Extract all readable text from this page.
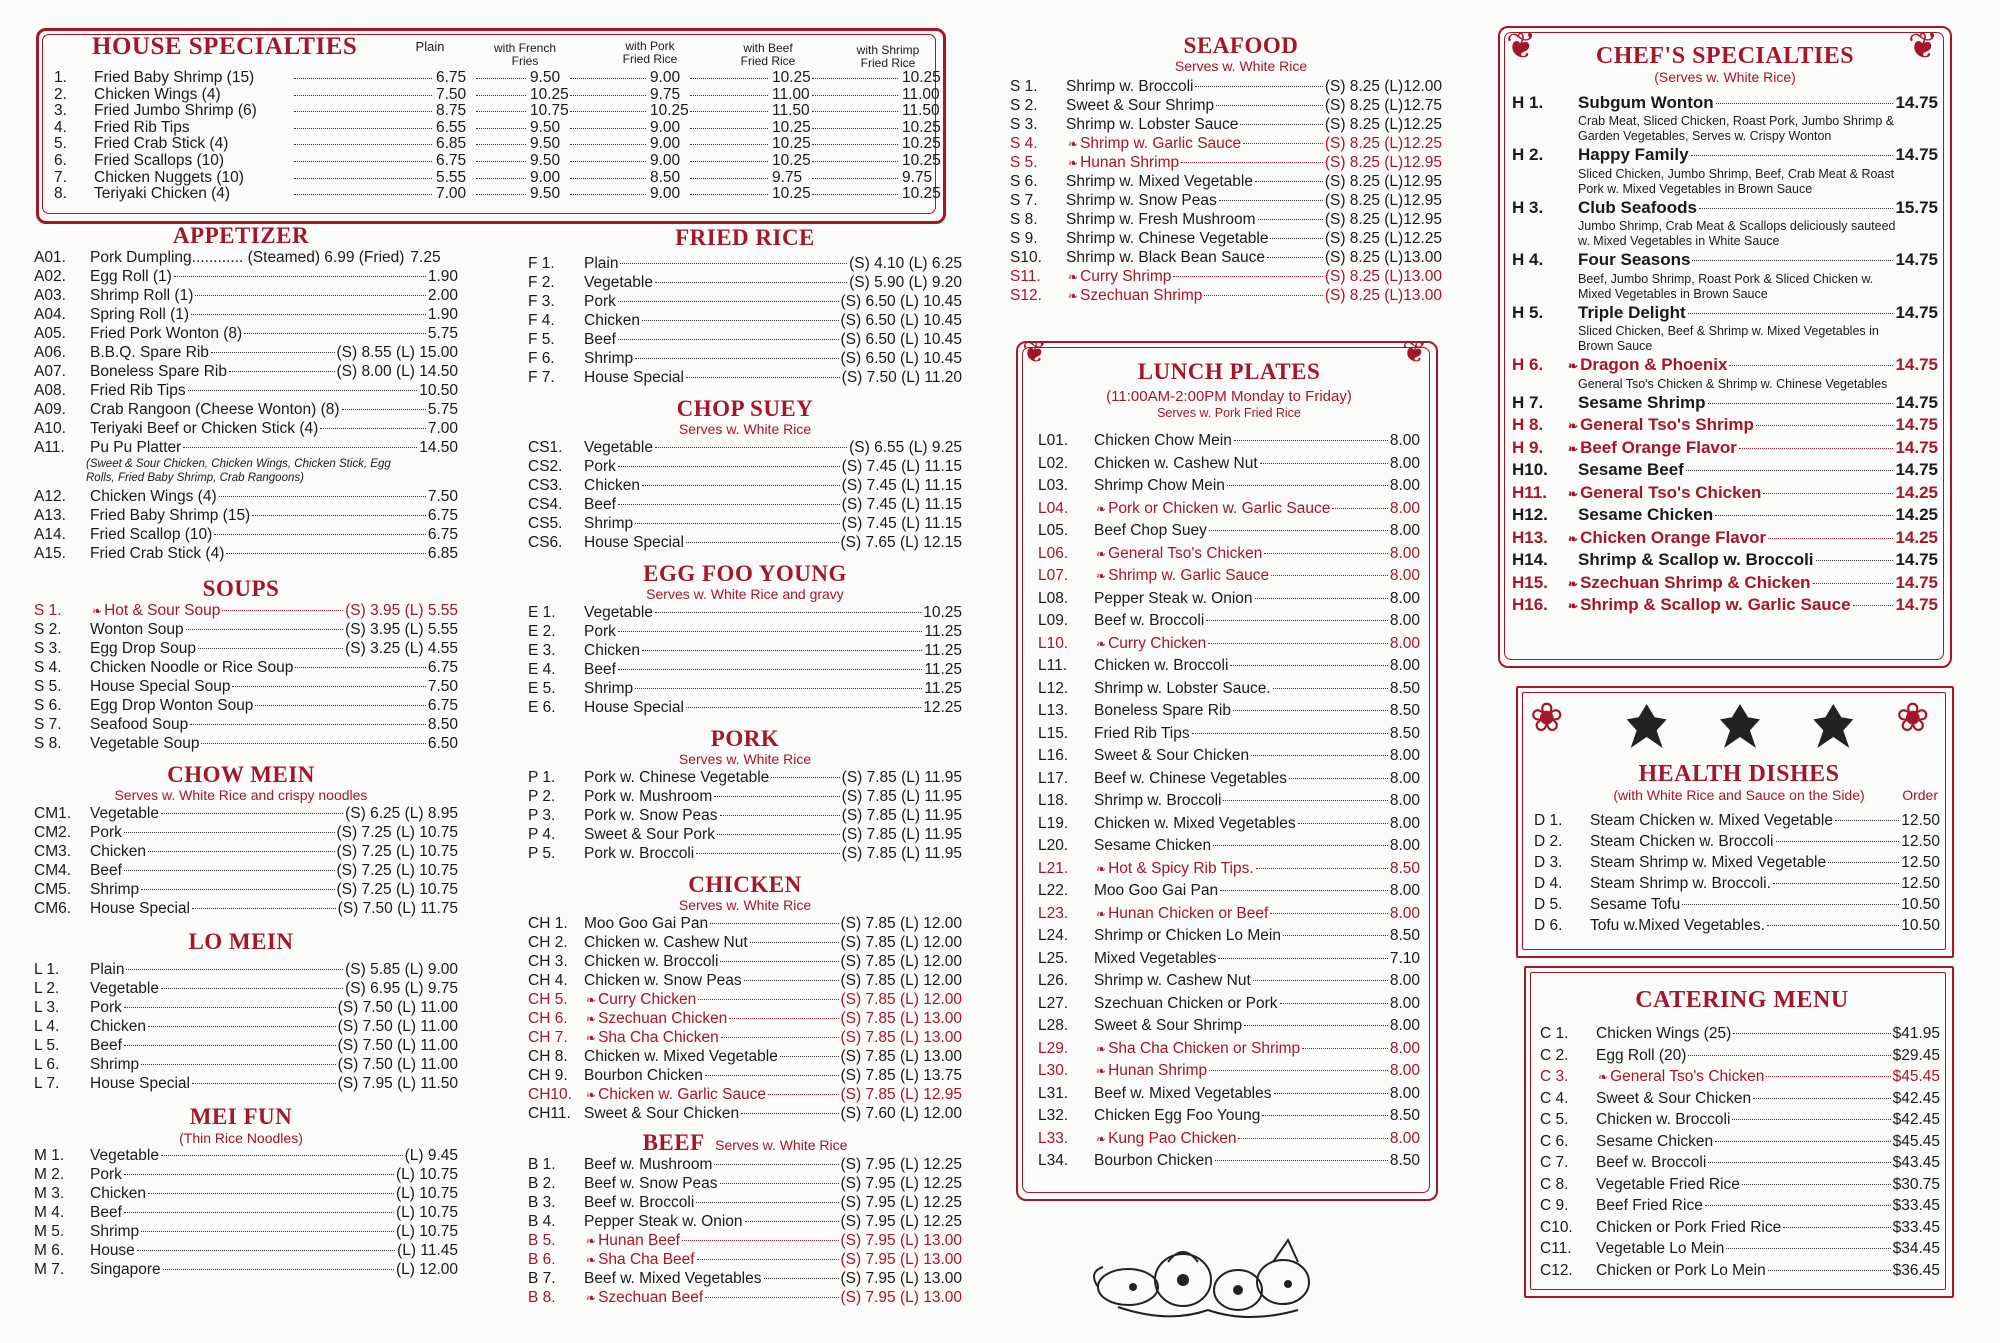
HOUSE SPECIALTIES	Plain	with French Fries
with Pork Fried Rice
with Beef Fried Rice
with Shrimp Fried Rice
1. Fried Baby Shrimp (15)	6.75	9.50	9.00	10.25	10.25
2. Chicken Wings (4)	7.50	10.25	9.75	11.00	11.00
3. Fried Jumbo Shrimp (6)	8.75	10.75	10.25	11.50	11.50
4. Fried Rib Tips	6.55	9.50	9.00	10.25	10.25
5. Fried Crab Stick (4)	6.85	9.50	9.00	10.25	10.25
6. Fried Scallops (10)	6.75	9.50	9.00	10.25	10.25
7. Chicken Nuggets (10)	5.55	9.00	8.50	9.75	9.75
8. Teriyaki Chicken (4)	7.00	9.50	9.00	10.25	10.25
APPETIZER
A01.	Pork Dumpling............ (Steamed) 6.99 (Fried) 7.25
A02.	Egg Roll (1)	1.90
A03.	Shrimp Roll (1)	2.00
A04.	Spring Roll (1)	1.90
A05.	Fried Pork Wonton (8)	5.75
A06.	B.B.Q. Spare Rib	(S) 8.55 (L) 15.00
A07.	Boneless Spare Rib	(S) 8.00 (L) 14.50
A08.	Fried Rib Tips	10.50
A09.	Crab Rangoon (Cheese Wonton) (8)	5.75
A10.	Teriyaki Beef or Chicken Stick (4)	7.00
A11.	Pu Pu Platter	14.50
(Sweet & Sour Chicken, Chicken Wings, Chicken Stick, Egg Rolls, Fried Baby Shrimp, Crab Rangoons)
A12.	Chicken Wings (4)	7.50
A13.	Fried Baby Shrimp (15)	6.75
A14.	Fried Scallop (10)	6.75
A15.	Fried Crab Stick (4)	6.85
SOUPS
S 1.	❧ Hot & Sour Soup	(S) 3.95 (L) 5.55
S 2.	Wonton Soup	(S) 3.95 (L) 5.55
S 3.	Egg Drop Soup	(S) 3.25 (L) 4.55
S 4.	Chicken Noodle or Rice Soup	6.75
S 5.	House Special Soup	7.50
S 6.	Egg Drop Wonton Soup	6.75
S 7.	Seafood Soup	8.50
S 8.	Vegetable Soup	6.50
CHOW MEIN
Serves w. White Rice and crispy noodles
CM1.	Vegetable	(S) 6.25 (L) 8.95
CM2.	Pork	(S) 7.25 (L) 10.75
CM3.	Chicken	(S) 7.25 (L) 10.75
CM4.	Beef	(S) 7.25 (L) 10.75
CM5.	Shrimp	(S) 7.25 (L) 10.75
CM6.	House Special	(S) 7.50 (L) 11.75
LO MEIN
L 1.	Plain	(S) 5.85 (L) 9.00
L 2.	Vegetable	(S) 6.95 (L) 9.75
L 3.	Pork	(S) 7.50 (L) 11.00
L 4.	Chicken	(S) 7.50 (L) 11.00
L 5.	Beef	(S) 7.50 (L) 11.00
L 6.	Shrimp	(S) 7.50 (L) 11.00
L 7.	House Special	(S) 7.95 (L) 11.50
MEI FUN
(Thin Rice Noodles)
M 1.	Vegetable	(L) 9.45
M 2.	Pork	(L) 10.75
M 3.	Chicken	(L) 10.75
M 4.	Beef	(L) 10.75
M 5.	Shrimp	(L) 10.75
M 6.	House	(L) 11.45
M 7.	Singapore	(L) 12.00
FRIED RICE
F 1.	Plain	(S) 4.10 (L) 6.25
F 2.	Vegetable	(S) 5.90 (L) 9.20
F 3.	Pork	(S) 6.50 (L) 10.45
F 4.	Chicken	(S) 6.50 (L) 10.45
F 5.	Beef	(S) 6.50 (L) 10.45
F 6.	Shrimp	(S) 6.50 (L) 10.45
F 7.	House Special	(S) 7.50 (L) 11.20
CHOP SUEY
Serves w. White Rice
CS1.	Vegetable	(S) 6.55 (L) 9.25
CS2.	Pork	(S) 7.45 (L) 11.15
CS3.	Chicken	(S) 7.45 (L) 11.15
CS4.	Beef	(S) 7.45 (L) 11.15
CS5.	Shrimp	(S) 7.45 (L) 11.15
CS6.	House Special	(S) 7.65 (L) 12.15
EGG FOO YOUNG
Serves w. White Rice and gravy
E 1.	Vegetable	10.25
E 2.	Pork	11.25
E 3.	Chicken	11.25
E 4.	Beef	11.25
E 5.	Shrimp	11.25
E 6.	House Special	12.25
PORK
Serves w. White Rice
P 1.	Pork w. Chinese Vegetable	(S) 7.85 (L) 11.95
P 2.	Pork w. Mushroom	(S) 7.85 (L) 11.95
P 3.	Pork w. Snow Peas	(S) 7.85 (L) 11.95
P 4.	Sweet & Sour Pork	(S) 7.85 (L) 11.95
P 5.	Pork w. Broccoli	(S) 7.85 (L) 11.95
CHICKEN
Serves w. White Rice
CH 1.	Moo Goo Gai Pan	(S) 7.85 (L) 12.00
CH 2.	Chicken w. Cashew Nut	(S) 7.85 (L) 12.00
CH 3.	Chicken w. Broccoli	(S) 7.85 (L) 12.00
CH 4.	Chicken w. Snow Peas	(S) 7.85 (L) 12.00
CH 5.	❧ Curry Chicken	(S) 7.85 (L) 12.00
CH 6.	❧ Szechuan Chicken	(S) 7.85 (L) 13.00
CH 7.	❧ Sha Cha Chicken	(S) 7.85 (L) 13.00
CH 8.	Chicken w. Mixed Vegetable	(S) 7.85 (L) 13.00
CH 9.	Bourbon Chicken	(S) 7.85 (L) 13.75
CH10.	❧ Chicken w. Garlic Sauce	(S) 7.85 (L) 12.95
CH11. Sweet & Sour Chicken	(S) 7.60 (L) 12.00
BEEF Serves w. White Rice
B 1.	Beef w. Mushroom	(S) 7.95 (L) 12.25
B 2.	Beef w. Snow Peas	(S) 7.95 (L) 12.25
B 3.	Beef w. Broccoli	(S) 7.95 (L) 12.25
B 4.	Pepper Steak w. Onion	(S) 7.95 (L) 12.25
B 5.	❧ Hunan Beef	(S) 7.95 (L) 13.00
B 6.	❧ Sha Cha Beef	(S) 7.95 (L) 13.00
B 7.	Beef w. Mixed Vegetables	(S) 7.95 (L) 13.00
B 8.	❧ Szechuan Beef	(S) 7.95 (L) 13.00
SEAFOOD
Serves w. White Rice
S 1.	Shrimp w. Broccoli	(S) 8.25 (L)12.00
S 2.	Sweet & Sour Shrimp	(S) 8.25 (L)12.75
S 3.	Shrimp w. Lobster Sauce	(S) 8.25 (L)12.25
S 4.	❧ Shrimp w. Garlic Sauce	(S) 8.25 (L)12.25
S 5.	❧ Hunan Shrimp	(S) 8.25 (L)12.95
S 6.	Shrimp w. Mixed Vegetable	(S) 8.25 (L)12.95
S 7.	Shrimp w. Snow Peas	(S) 8.25 (L)12.95
S 8.	Shrimp w. Fresh Mushroom	(S) 8.25 (L)12.95
S 9.	Shrimp w. Chinese Vegetable	(S) 8.25 (L)12.25
S10.	Shrimp w. Black Bean Sauce	(S) 8.25 (L)13.00
S11.	❧ Curry Shrimp	(S) 8.25 (L)13.00
S12.	❧ Szechuan Shrimp	(S) 8.25 (L)13.00
❦	❦
LUNCH PLATES
(11:00AM-2:00PM Monday to Friday)
Serves w. Pork Fried Rice
L01.	Chicken Chow Mein	8.00
L02.	Chicken w. Cashew Nut	8.00
L03.	Shrimp Chow Mein	8.00
L04.	❧ Pork or Chicken w. Garlic Sauce	8.00
L05.	Beef Chop Suey	8.00
L06.	❧ General Tso's Chicken	8.00
L07.	❧ Shrimp w. Garlic Sauce	8.00
L08.	Pepper Steak w. Onion	8.00
L09.	Beef w. Broccoli	8.00
L10.	❧ Curry Chicken	8.00
L11.	Chicken w. Broccoli	8.00
L12.	Shrimp w. Lobster Sauce.	8.50
L13.	Boneless Spare Rib	8.50
L15.	Fried Rib Tips	8.50
L16.	Sweet & Sour Chicken	8.00
L17.	Beef w. Chinese Vegetables	8.00
L18.	Shrimp w. Broccoli	8.00
L19.	Chicken w. Mixed Vegetables	8.00
L20.	Sesame Chicken	8.00
L21.	❧ Hot & Spicy Rib Tips.	8.50
L22.	Moo Goo Gai Pan	8.00
L23.	❧ Hunan Chicken or Beef	8.00
L24.	Shrimp or Chicken Lo Mein	8.50
L25.	Mixed Vegetables	7.10
L26.	Shrimp w. Cashew Nut	8.00
L27.	Szechuan Chicken or Pork	8.00
L28.	Sweet & Sour Shrimp	8.00
L29.	❧ Sha Cha Chicken or Shrimp	8.00
L30.	❧ Hunan Shrimp	8.00
L31.	Beef w. Mixed Vegetables	8.00
L32.	Chicken Egg Foo Young	8.50
L33.	❧ Kung Pao Chicken	8.00
L34.	Bourbon Chicken	8.50
❦	❦
CHEF'S SPECIALTIES
(Serves w. White Rice)
H 1.	Subgum Wonton	14.75
Crab Meat, Sliced Chicken, Roast Pork, Jumbo Shrimp & Garden Vegetables, Serves w. Crispy Wonton
H 2.	Happy Family	14.75
Sliced Chicken, Jumbo Shrimp, Beef, Crab Meat & Roast Pork w. Mixed Vegetables in Brown Sauce
H 3.	Club Seafoods	15.75
Jumbo Shrimp, Crab Meat & Scallops deliciously sauteed w. Mixed Vegetables in White Sauce
H 4.	Four Seasons	14.75
Beef, Jumbo Shrimp, Roast Pork & Sliced Chicken w. Mixed Vegetables in Brown Sauce
H 5.	Triple Delight	14.75
Sliced Chicken, Beef & Shrimp w. Mixed Vegetables in Brown Sauce
H 6.	❧ Dragon & Phoenix	14.75
General Tso's Chicken & Shrimp w. Chinese Vegetables
H 7.	Sesame Shrimp	14.75
H 8.	❧ General Tso's Shrimp	14.75
H 9.	❧ Beef Orange Flavor	14.75
H10.	Sesame Beef	14.75
H11.	❧ General Tso's Chicken	14.25
H12.	Sesame Chicken	14.25
H13.	❧ Chicken Orange Flavor	14.25
H14.	Shrimp & Scallop w. Broccoli	14.75
H15.	❧ Szechuan Shrimp & Chicken	14.75
H16.	❧ Shrimp & Scallop w. Garlic Sauce	14.75
❀	❀
HEALTH DISHES
(with White Rice and Sauce on the Side)	Order
D 1.	Steam Chicken w. Mixed Vegetable	12.50
D 2.	Steam Chicken w. Broccoli	12.50
D 3.	Steam Shrimp w. Mixed Vegetable	12.50
D 4.	Steam Shrimp w. Broccoli.	12.50
D 5.	Sesame Tofu	10.50
D 6.	Tofu w.Mixed Vegetables.	10.50
CATERING MENU
C 1.	Chicken Wings (25)	$41.95
C 2.	Egg Roll (20)	$29.45
C 3.	❧ General Tso's Chicken	$45.45
C 4.	Sweet & Sour Chicken	$42.45
C 5.	Chicken w. Broccoli	$42.45
C 6.	Sesame Chicken	$45.45
C 7.	Beef w. Broccoli	$43.45
C 8.	Vegetable Fried Rice	$30.75
C 9.	Beef Fried Rice	$33.45
C10.	Chicken or Pork Fried Rice	$33.45
C11.	Vegetable Lo Mein	$34.45
C12.	Chicken or Pork Lo Mein	$36.45
